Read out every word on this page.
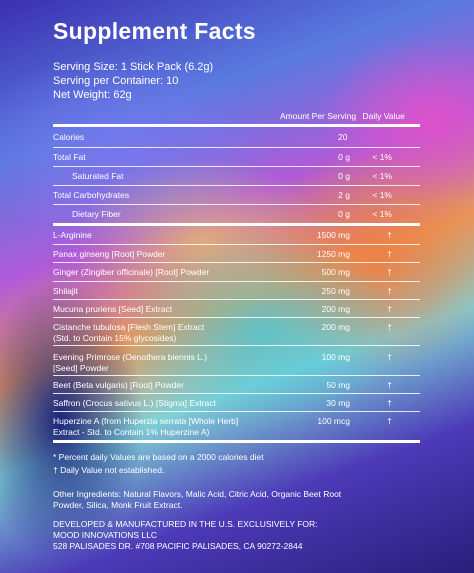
Supplement Facts
Serving Size: 1 Stick Pack (6.2g)
Serving per Container: 10
Net Weight: 62g
Amount Per Serving Daily Value
Calories	20
Total Fat	0 g	< 1%
Saturated Fat	0 g	< 1%
Total Carbohydrates	2 g	< 1%
Dietary Fiber	0 g	< 1%
L-Arginine	1500 mg	†
Panax ginseng [Root] Powder	1250 mg	†
Ginger (Zingiber officinale) [Root] Powder	500 mg	†
Shilajit	250 mg	†
Mucuna pruriens [Seed] Extract	200 mg	†
Cistanche tubulosa [Flesh Stem] Extract
(Std. to Contain 15% glycosides)
200 mg	†
Evening Primrose (Oenothera biennis L.)
[Seed] Powder
100 mg	†
Beet (Beta vulgaris) [Root] Powder	50 mg	†
Saffron (Crocus sativus L.) [Stigma] Extract	30 mg	†
Huperzine A (from Huperzia serrata [Whole Herb]
Extract - Std. to Contain 1% Huperzine A)
100 mcg	†
* Percent daily Values are based on a 2000 calories diet
† Daily Value not established.
Other Ingredients: Natural Flavors, Malic Acid, Citric Acid, Organic Beet Root
Powder, Silica, Monk Fruit Extract.
DEVELOPED & MANUFACTURED IN THE U.S. EXCLUSIVELY FOR:
MOOD INNOVATIONS LLC
528 PALISADES DR. #708 PACIFIC PALISADES, CA 90272-2844
